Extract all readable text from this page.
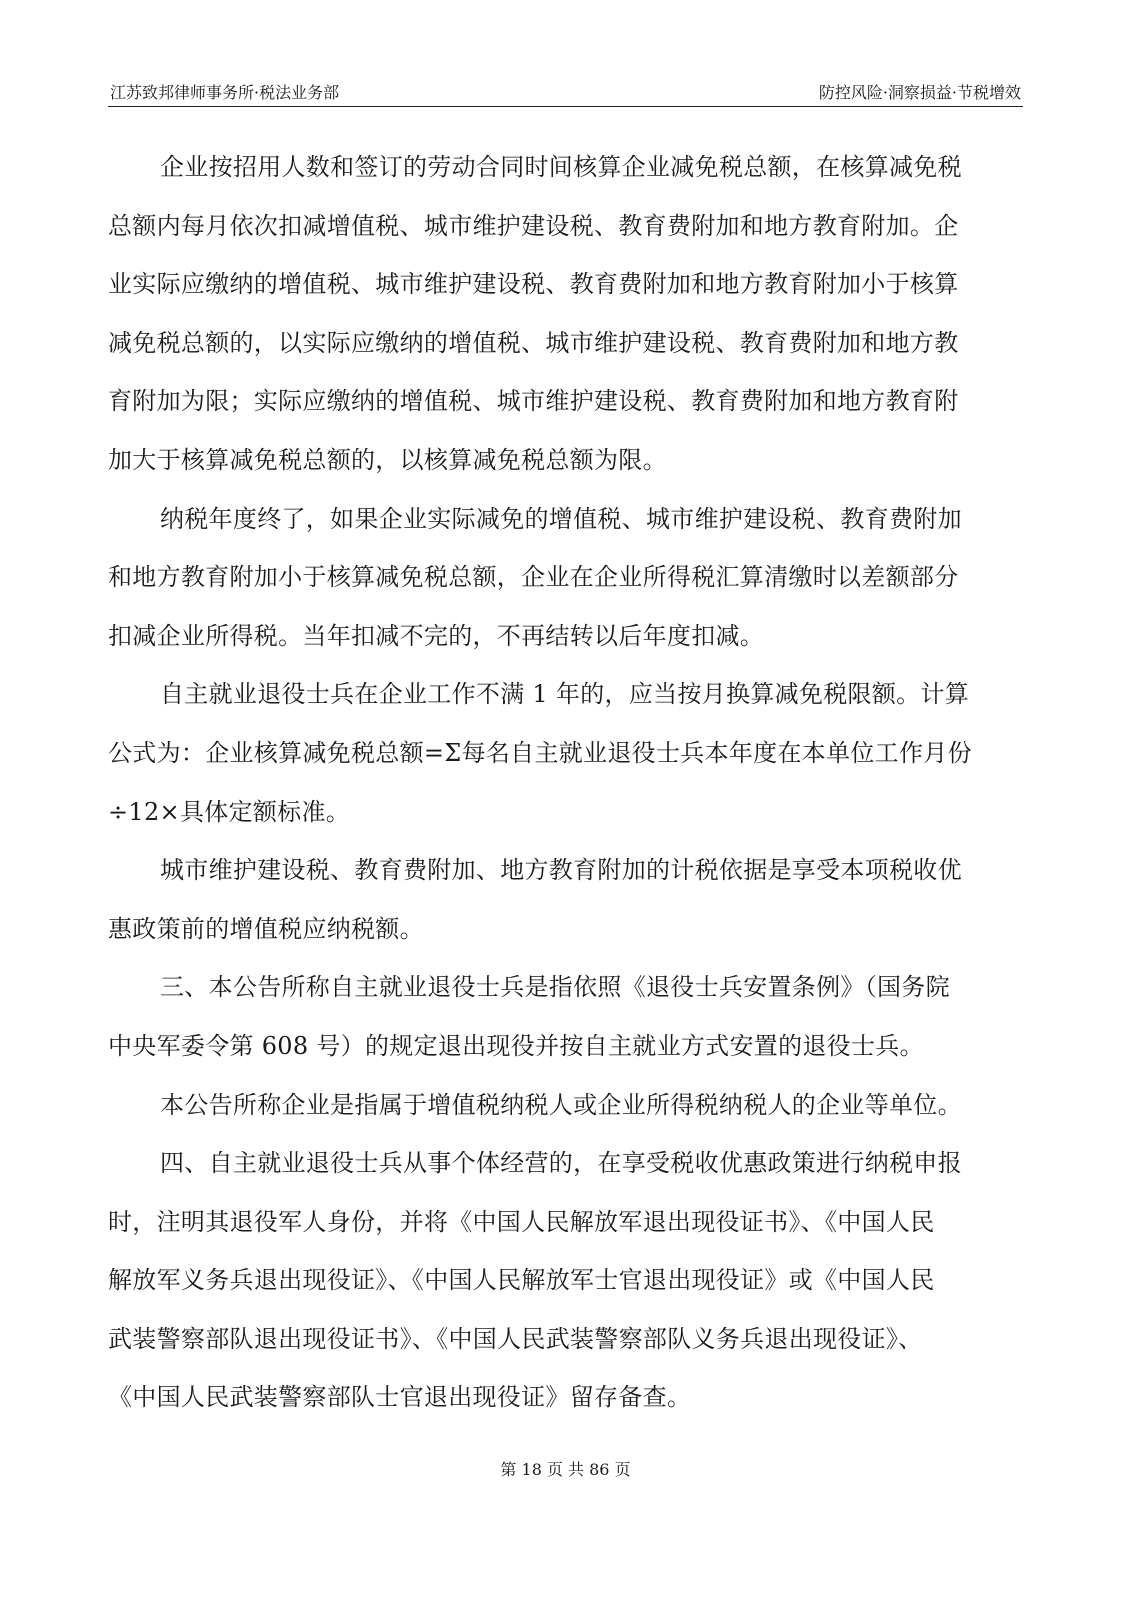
江苏致邦律师事务所·税法业务部	防控风险·洞察损益·节税增效

企业按招用人数和签订的劳动合同时间核算企业减免税总额，在核算减免税
总额内每月依次扣减增值税、城市维护建设税、教育费附加和地方教育附加。企
业实际应缴纳的增值税、城市维护建设税、教育费附加和地方教育附加小于核算
减免税总额的，以实际应缴纳的增值税、城市维护建设税、教育费附加和地方教
育附加为限；实际应缴纳的增值税、城市维护建设税、教育费附加和地方教育附
加大于核算减免税总额的，以核算减免税总额为限。

纳税年度终了，如果企业实际减免的增值税、城市维护建设税、教育费附加
和地方教育附加小于核算减免税总额，企业在企业所得税汇算清缴时以差额部分
扣减企业所得税。当年扣减不完的，不再结转以后年度扣减。

自主就业退役士兵在企业工作不满 1 年的，应当按月换算减免税限额。计算
公式为：企业核算减免税总额=Σ每名自主就业退役士兵本年度在本单位工作月份
÷12×具体定额标准。

城市维护建设税、教育费附加、地方教育附加的计税依据是享受本项税收优
惠政策前的增值税应纳税额。

三、本公告所称自主就业退役士兵是指依照《退役士兵安置条例》（国务院
中央军委令第 608 号）的规定退出现役并按自主就业方式安置的退役士兵。

本公告所称企业是指属于增值税纳税人或企业所得税纳税人的企业等单位。

四、自主就业退役士兵从事个体经营的，在享受税收优惠政策进行纳税申报
时，注明其退役军人身份，并将《中国人民解放军退出现役证书》、《中国人民
解放军义务兵退出现役证》、《中国人民解放军士官退出现役证》或《中国人民
武装警察部队退出现役证书》、《中国人民武装警察部队义务兵退出现役证》、
《中国人民武装警察部队士官退出现役证》留存备查。

第 18 页 共 86 页
